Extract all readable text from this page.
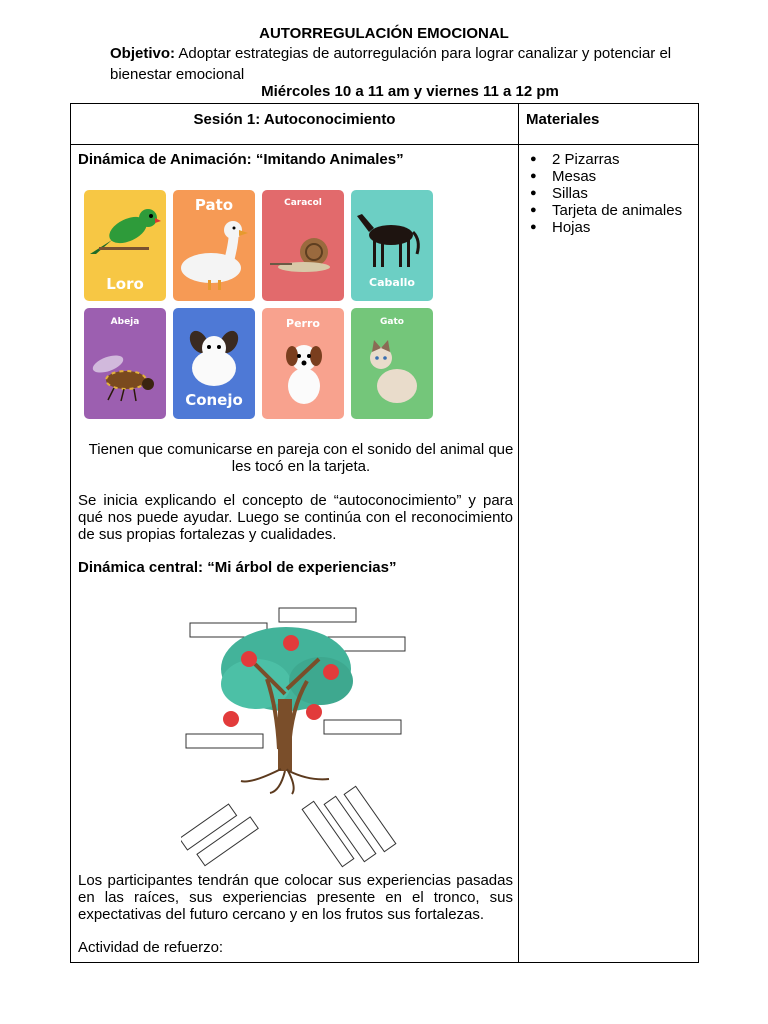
AUTORREGULACIÓN EMOCIONAL
Objetivo: Adoptar estrategias de autorregulación para lograr canalizar y potenciar el bienestar emocional
Miércoles 10 a 11 am y viernes 11 a 12 pm
Sesión 1: Autoconocimiento	Materiales
● 2 Pizarras
● Mesas
● Sillas
● Tarjeta de animales
● Hojas
Dinámica de Animación: “Imitando Animales”
Loro
Pato	Caracol
Caballo
Abeja
Conejo
Perro	Gato
Tienen que comunicarse en pareja con el sonido del animal que les tocó en la tarjeta.
Se inicia explicando el concepto de “autoconocimiento” y para qué nos puede ayudar. Luego se continúa con el reconocimiento de sus propias fortalezas y cualidades.
Dinámica central: “Mi árbol de experiencias”
Los participantes tendrán que colocar sus experiencias pasadas en las raíces, sus experiencias presente en el tronco, sus expectativas del futuro cercano y en los frutos sus fortalezas.
Actividad de refuerzo:
